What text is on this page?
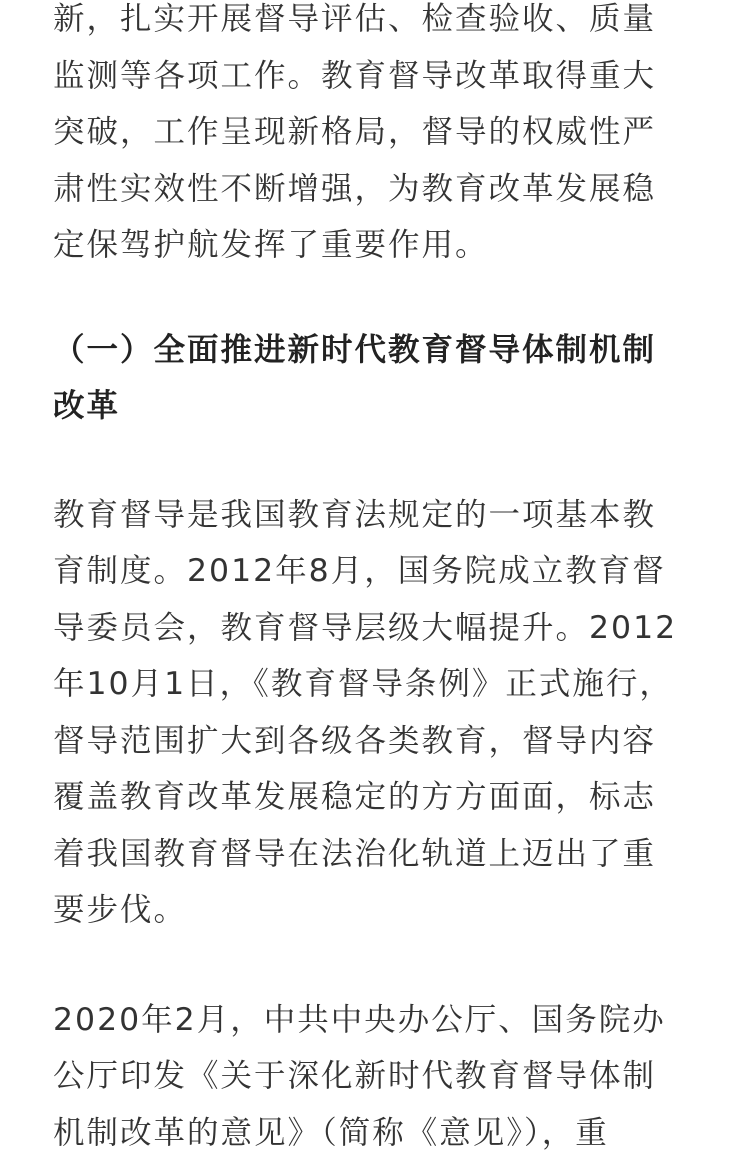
新，扎实开展督导评估、检查验收、质量
监测等各项工作。教育督导改革取得重大
突破，工作呈现新格局，督导的权威性严
肃性实效性不断增强，为教育改革发展稳
定保驾护航发挥了重要作用。

（一）全面推进新时代教育督导体制机制
改革

教育督导是我国教育法规定的一项基本教
育制度。2012年8月，国务院成立教育督
导委员会，教育督导层级大幅提升。2012
年10月1日，《教育督导条例》正式施行，
督导范围扩大到各级各类教育，督导内容
覆盖教育改革发展稳定的方方面面，标志
着我国教育督导在法治化轨道上迈出了重
要步伐。

2020年2月，中共中央办公厅、国务院办
公厅印发《关于深化新时代教育督导体制
机制改革的意见》（简称《意见》），重
